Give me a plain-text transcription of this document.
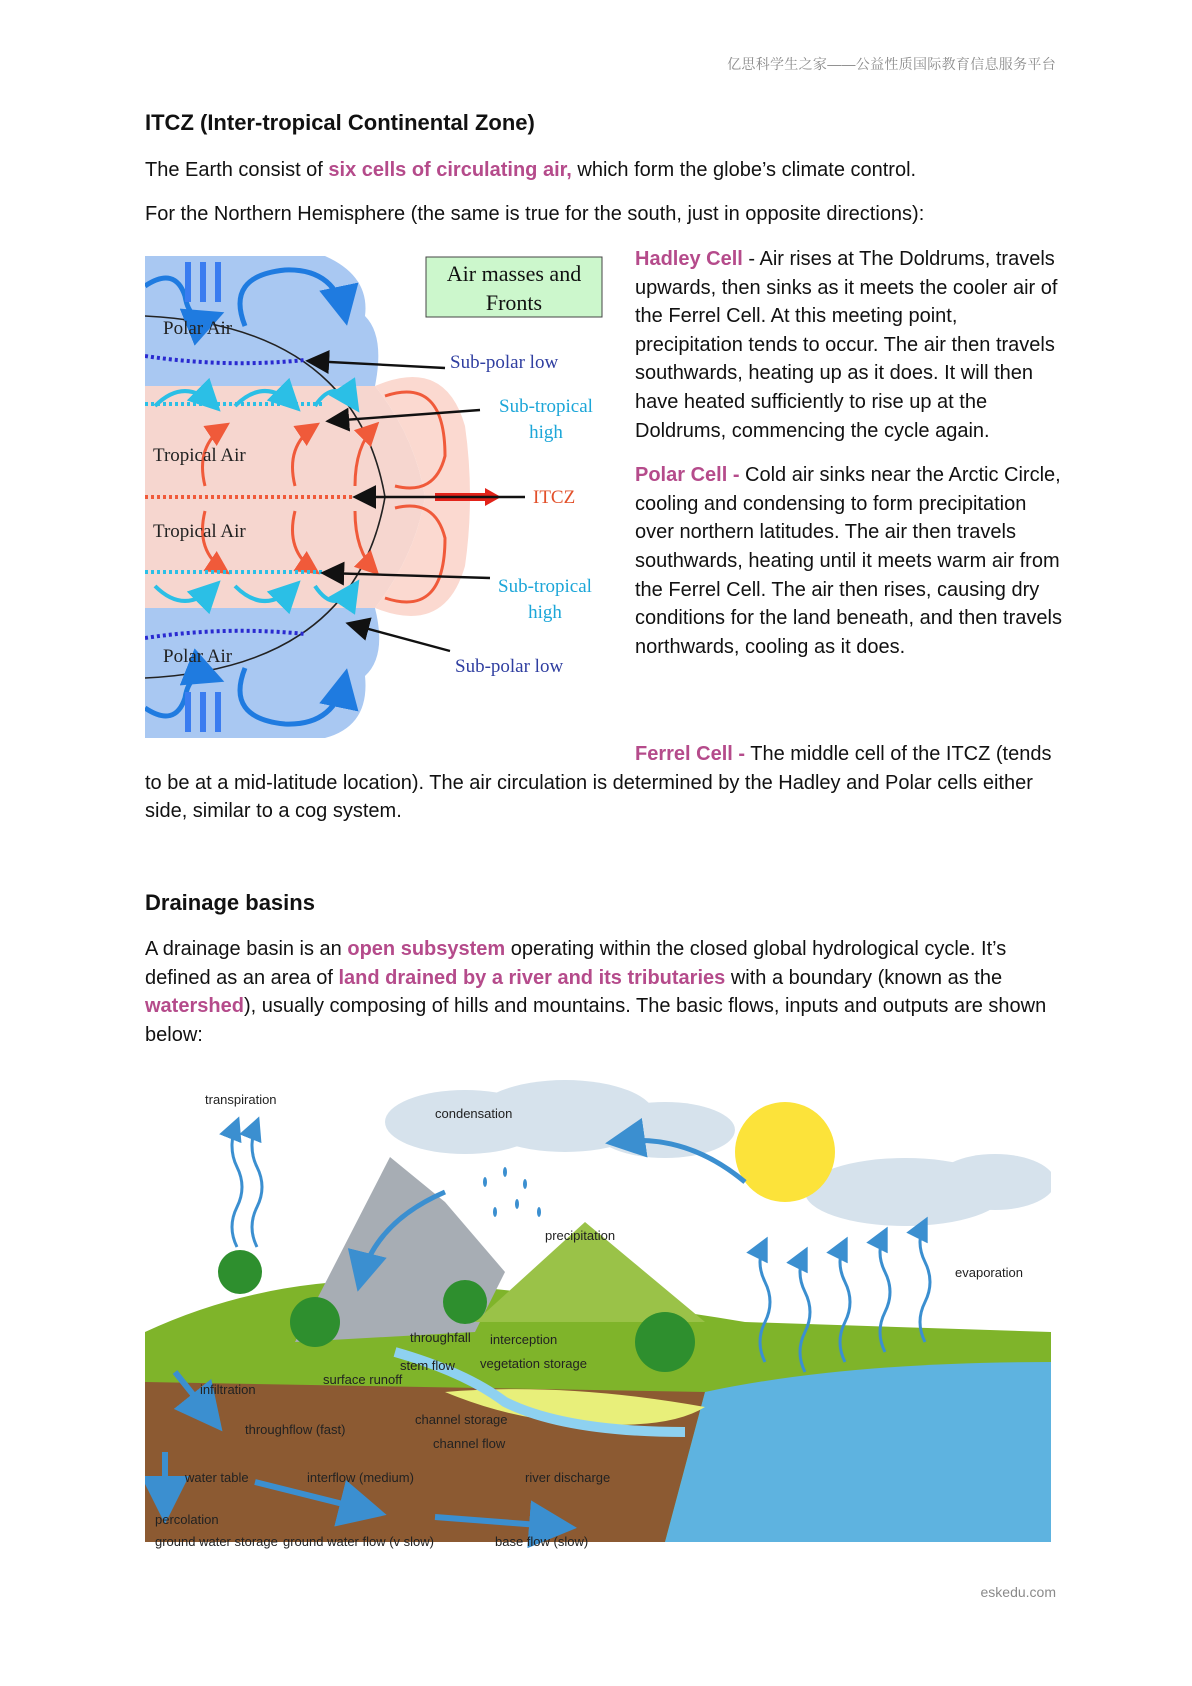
亿思科学生之家——公益性质国际教育信息服务平台
ITCZ (Inter-tropical Continental Zone)

The Earth consist of six cells of circulating air, which form the globe’s climate control.

For the Northern Hemisphere (the same is true for the south, just in opposite directions):

Air masses and
Fronts
Polar Air
Tropical Air
Tropical Air
Polar Air
Sub-polar low
Sub-tropical
high
ITCZ
Sub-tropical
high
Sub-polar low

Hadley Cell - Air rises at The Doldrums, travels upwards, then sinks as it meets the cooler air of the Ferrel Cell. At this meeting point, precipitation tends to occur. The air then travels southwards, heating up as it does. It will then have heated sufficiently to rise up at the Doldrums, commencing the cycle again.

Polar Cell - Cold air sinks near the Arctic Circle, cooling and condensing to form precipitation over northern latitudes. The air then travels southwards, heating until it meets warm air from the Ferrel Cell. The air then rises, causing dry conditions for the land beneath, and then travels northwards, cooling as it does.

Ferrel Cell - The middle cell of the ITCZ (tends to be at a mid-latitude location). The air circulation is determined by the Hadley and Polar cells either side, similar to a cog system.

Drainage basins

A drainage basin is an open subsystem operating within the closed global hydrological cycle. It’s defined as an area of land drained by a river and its tributaries with a boundary (known as the watershed), usually composing of hills and mountains. The basic flows, inputs and outputs are shown below:

transpiration
condensation
precipitation
evaporation
throughfall interception
stem flow vegetation storage
surface runoff
infiltration
channel storage
throughflow (fast)
channel flow
water table	interflow (medium)	river discharge
percolation
ground water storage ground water flow (v slow)	base flow (slow)
eskedu.com
